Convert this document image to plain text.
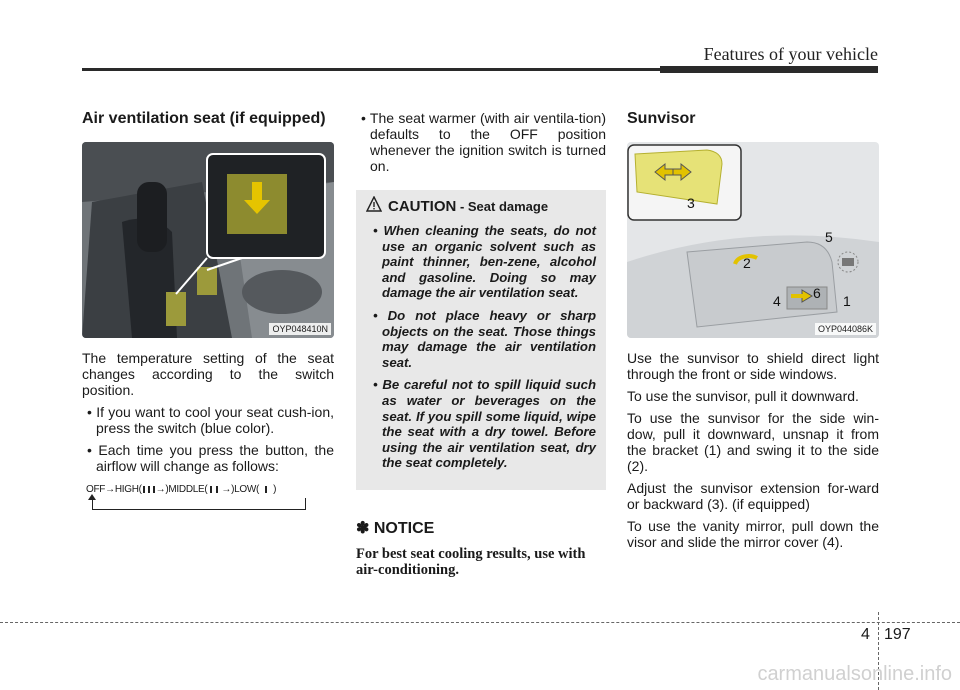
Features of your vehicle
Air ventilation seat (if equipped)
OYP048410N
The temperature setting of the seat changes according to the switch position.
• If you want to cool your seat cush-ion, press the switch (blue color).
• Each time you press the button, the airflow will change as follows:
OFF→HIGH( →)MIDDLE( →)LOW( )
• The seat warmer (with air ventila-tion) defaults to the OFF position whenever the ignition switch is turned on.
CAUTION - Seat damage
• When cleaning the seats, do not use an organic solvent such as paint thinner, ben-zene, alcohol and gasoline. Doing so may damage the air ventilation seat.
• Do not place heavy or sharp objects on the seat. Those things may damage the air ventilation seat.
• Be careful not to spill liquid such as water or beverages on the seat. If you spill some liquid, wipe the seat with a dry towel. Before using the air ventilation seat, dry the seat completely.
✽ NOTICE
For best seat cooling results, use with air-conditioning.
Sunvisor
3
2
5
6
4	1
OYP044086K
Use the sunvisor to shield direct light through the front or side windows.
To use the sunvisor, pull it downward.
To use the sunvisor for the side win-dow, pull it downward, unsnap it from the bracket (1) and swing it to the side (2).
Adjust the sunvisor extension for-ward or backward (3). (if equipped)
To use the vanity mirror, pull down the visor and slide the mirror cover (4).
4 197
carmanualsonline.info
